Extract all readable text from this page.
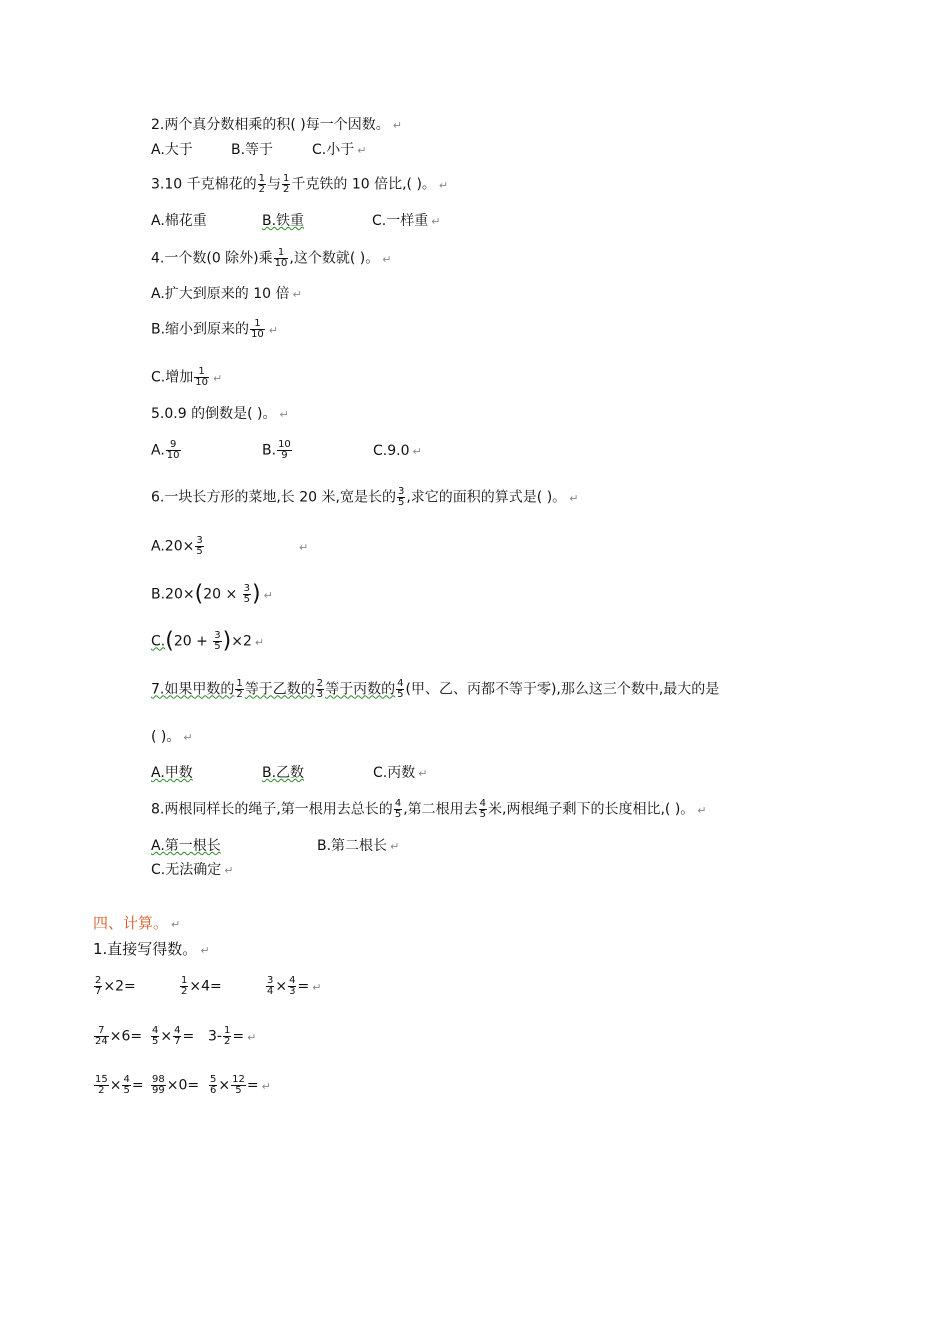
2.两个真分数相乘的积( )每一个因数。 ↵
A.大于	B.等于	C.小于 ↵
3.10 千克棉花的 $\frac{1}{2}$ 与 $\frac{1}{2}$ 千克铁的 10 倍比,( )。 ↵
A.棉花重	B.铁重	C.一样重 ↵
4.一个数(0 除外)乘 $\frac{1}{10}$ ,这个数就( )。 ↵
A.扩大到原来的 10 倍 ↵
B.缩小到原来的 $\frac{1}{10}$ ↵
C.增加 $\frac{1}{10}$ ↵
5.0.9 的倒数是( )。 ↵
A. $\frac{9}{10}$	B. $\frac{10}{9}$	C.9.0 ↵
6.一块长方形的菜地,长 20 米,宽是长的 $\frac{3}{5}$ ,求它的面积的算式是( )。 ↵
$A.20\times \frac{3}{5}$	↵
$B.20\times(20 \times \frac{3}{5}$ ) ↵
$C.(20 + \frac{3}{5} )\times 2$ ↵
7.如果甲数的 $\frac{1}{2}$ 等于乙数的 $\frac{2}{3}$ 等于丙数的 $\frac{4}{5}$ (甲、乙、丙都不等于零),那么这三个数中,最大的是
( )。 ↵
A.甲数	B.乙数	C.丙数 ↵
8.两根同样长的绳子,第一根用去总长的 $\frac{4}{5}$ ,第二根用去 $\frac{4}{5}$ 米,两根绳子剩下的长度相比,( )。 ↵
A.第一根长	B.第二根长 ↵
C.无法确定 ↵
四、计算。 ↵
1.直接写得数。 ↵
$\frac{2}{7} \times 2=$	$\frac{1}{2} \times 4=$	$\frac{3}{4} \times \frac{4}{3}$ = ↵
$\frac{7}{24} \times 6= \frac{4}{5} \times \frac{4}{7} = 3- \frac{1}{2}$ = ↵
$\frac{15}{2} \times \frac{4}{5} = \frac{98}{99} \times 0= \frac{5}{6} \times \frac{12}{5}$ = ↵
